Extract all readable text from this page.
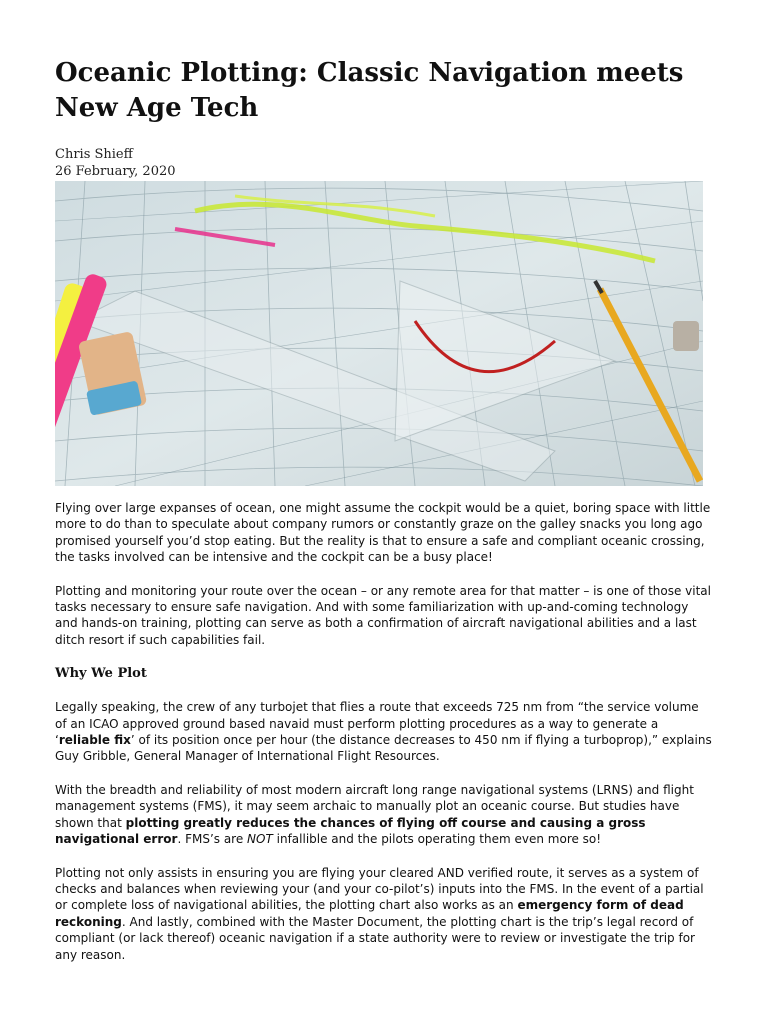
Oceanic Plotting: Classic Navigation meets New Age Tech
Chris Shieff
26 February, 2020

Flying over large expanses of ocean, one might assume the cockpit would be a quiet, boring space with little more to do than to speculate about company rumors or constantly graze on the galley snacks you long ago promised yourself you’d stop eating. But the reality is that to ensure a safe and compliant oceanic crossing, the tasks involved can be intensive and the cockpit can be a busy place!

Plotting and monitoring your route over the ocean – or any remote area for that matter – is one of those vital tasks necessary to ensure safe navigation. And with some familiarization with up-and-coming technology and hands-on training, plotting can serve as both a confirmation of aircraft navigational abilities and a last ditch resort if such capabilities fail.

Why We Plot

Legally speaking, the crew of any turbojet that flies a route that exceeds 725 nm from “the service volume of an ICAO approved ground based navaid must perform plotting procedures as a way to generate a ‘reliable fix’ of its position once per hour (the distance decreases to 450 nm if flying a turboprop),” explains Guy Gribble, General Manager of International Flight Resources.

With the breadth and reliability of most modern aircraft long range navigational systems (LRNS) and flight management systems (FMS), it may seem archaic to manually plot an oceanic course. But studies have shown that plotting greatly reduces the chances of flying off course and causing a gross navigational error. FMS’s are NOT infallible and the pilots operating them even more so!

Plotting not only assists in ensuring you are flying your cleared AND verified route, it serves as a system of checks and balances when reviewing your (and your co-pilot’s) inputs into the FMS. In the event of a partial or complete loss of navigational abilities, the plotting chart also works as an emergency form of dead reckoning. And lastly, combined with the Master Document, the plotting chart is the trip’s legal record of compliant (or lack thereof) oceanic navigation if a state authority were to review or investigate the trip for any reason.
